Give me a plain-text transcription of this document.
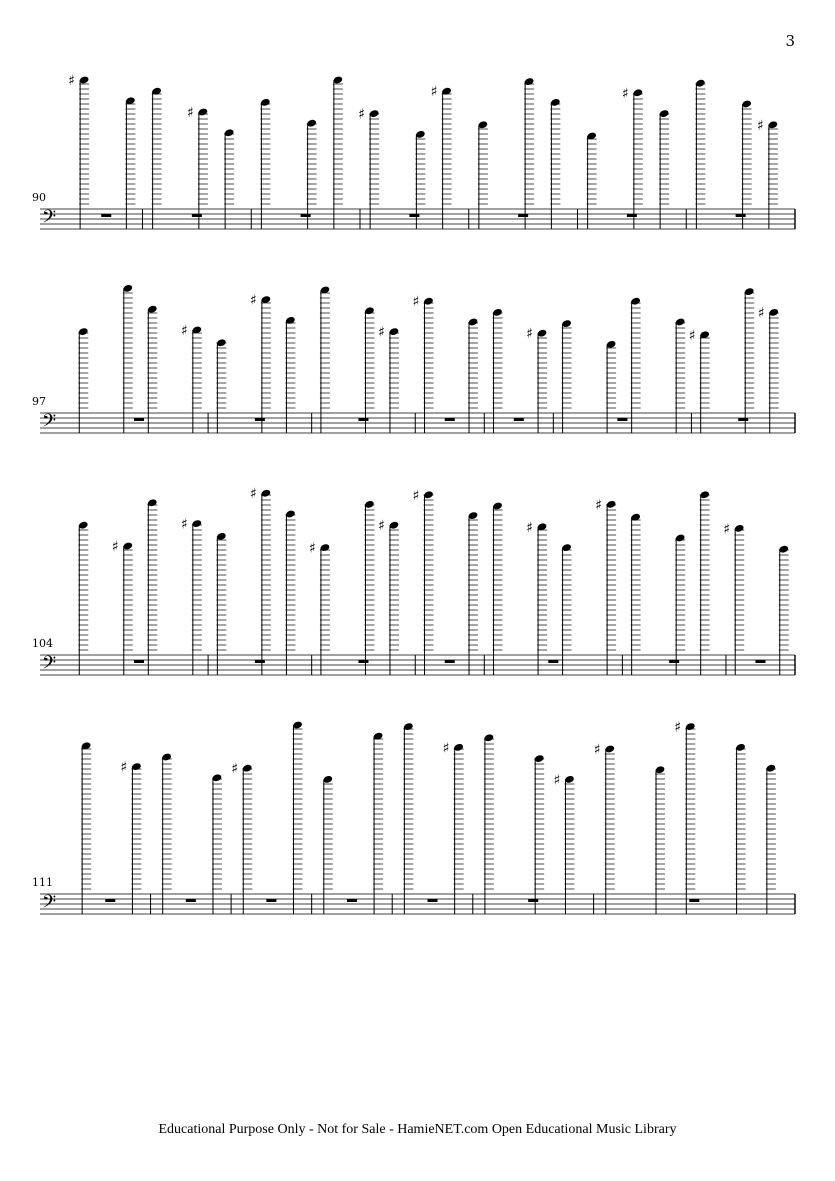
3
90
𝄢
♯
♯	♯
♯	♯
♯
97
𝄢
♯
♯
♯
♯
♯	♯
♯
104
𝄢
♯
♯
♯
♯
♯
♯
♯
♯
♯
111
𝄢
♯	♯
♯
♯
♯
♯
Educational Purpose Only - Not for Sale - HamieNET.com Open Educational Music Library
